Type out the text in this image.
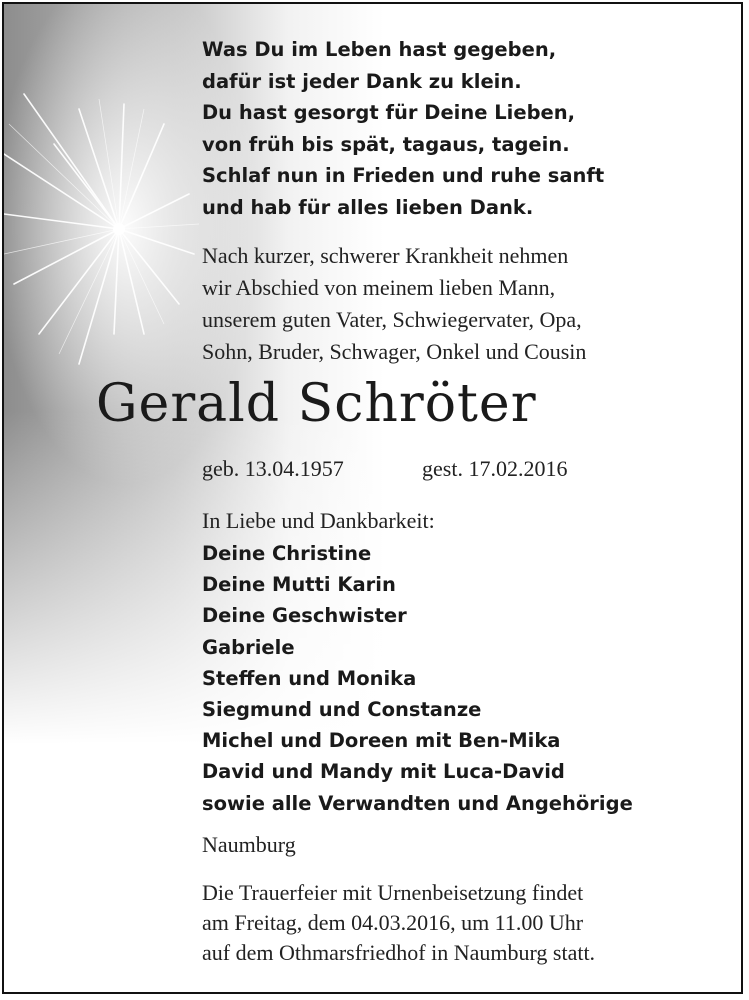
Was Du im Leben hast gegeben,
dafür ist jeder Dank zu klein.
Du hast gesorgt für Deine Lieben,
von früh bis spät, tagaus, tagein.
Schlaf nun in Frieden und ruhe sanft
und hab für alles lieben Dank.
Nach kurzer, schwerer Krankheit nehmen
wir Abschied von meinem lieben Mann,
unserem guten Vater, Schwiegervater, Opa,
Sohn, Bruder, Schwager, Onkel und Cousin
Gerald Schröter
geb. 13.04.1957	gest. 17.02.2016
In Liebe und Dankbarkeit:
Deine Christine
Deine Mutti Karin
Deine Geschwister
Gabriele
Steffen und Monika
Siegmund und Constanze
Michel und Doreen mit Ben-Mika
David und Mandy mit Luca-David
sowie alle Verwandten und Angehörige
Naumburg
Die Trauerfeier mit Urnenbeisetzung findet
am Freitag, dem 04.03.2016, um 11.00 Uhr
auf dem Othmarsfriedhof in Naumburg statt.
